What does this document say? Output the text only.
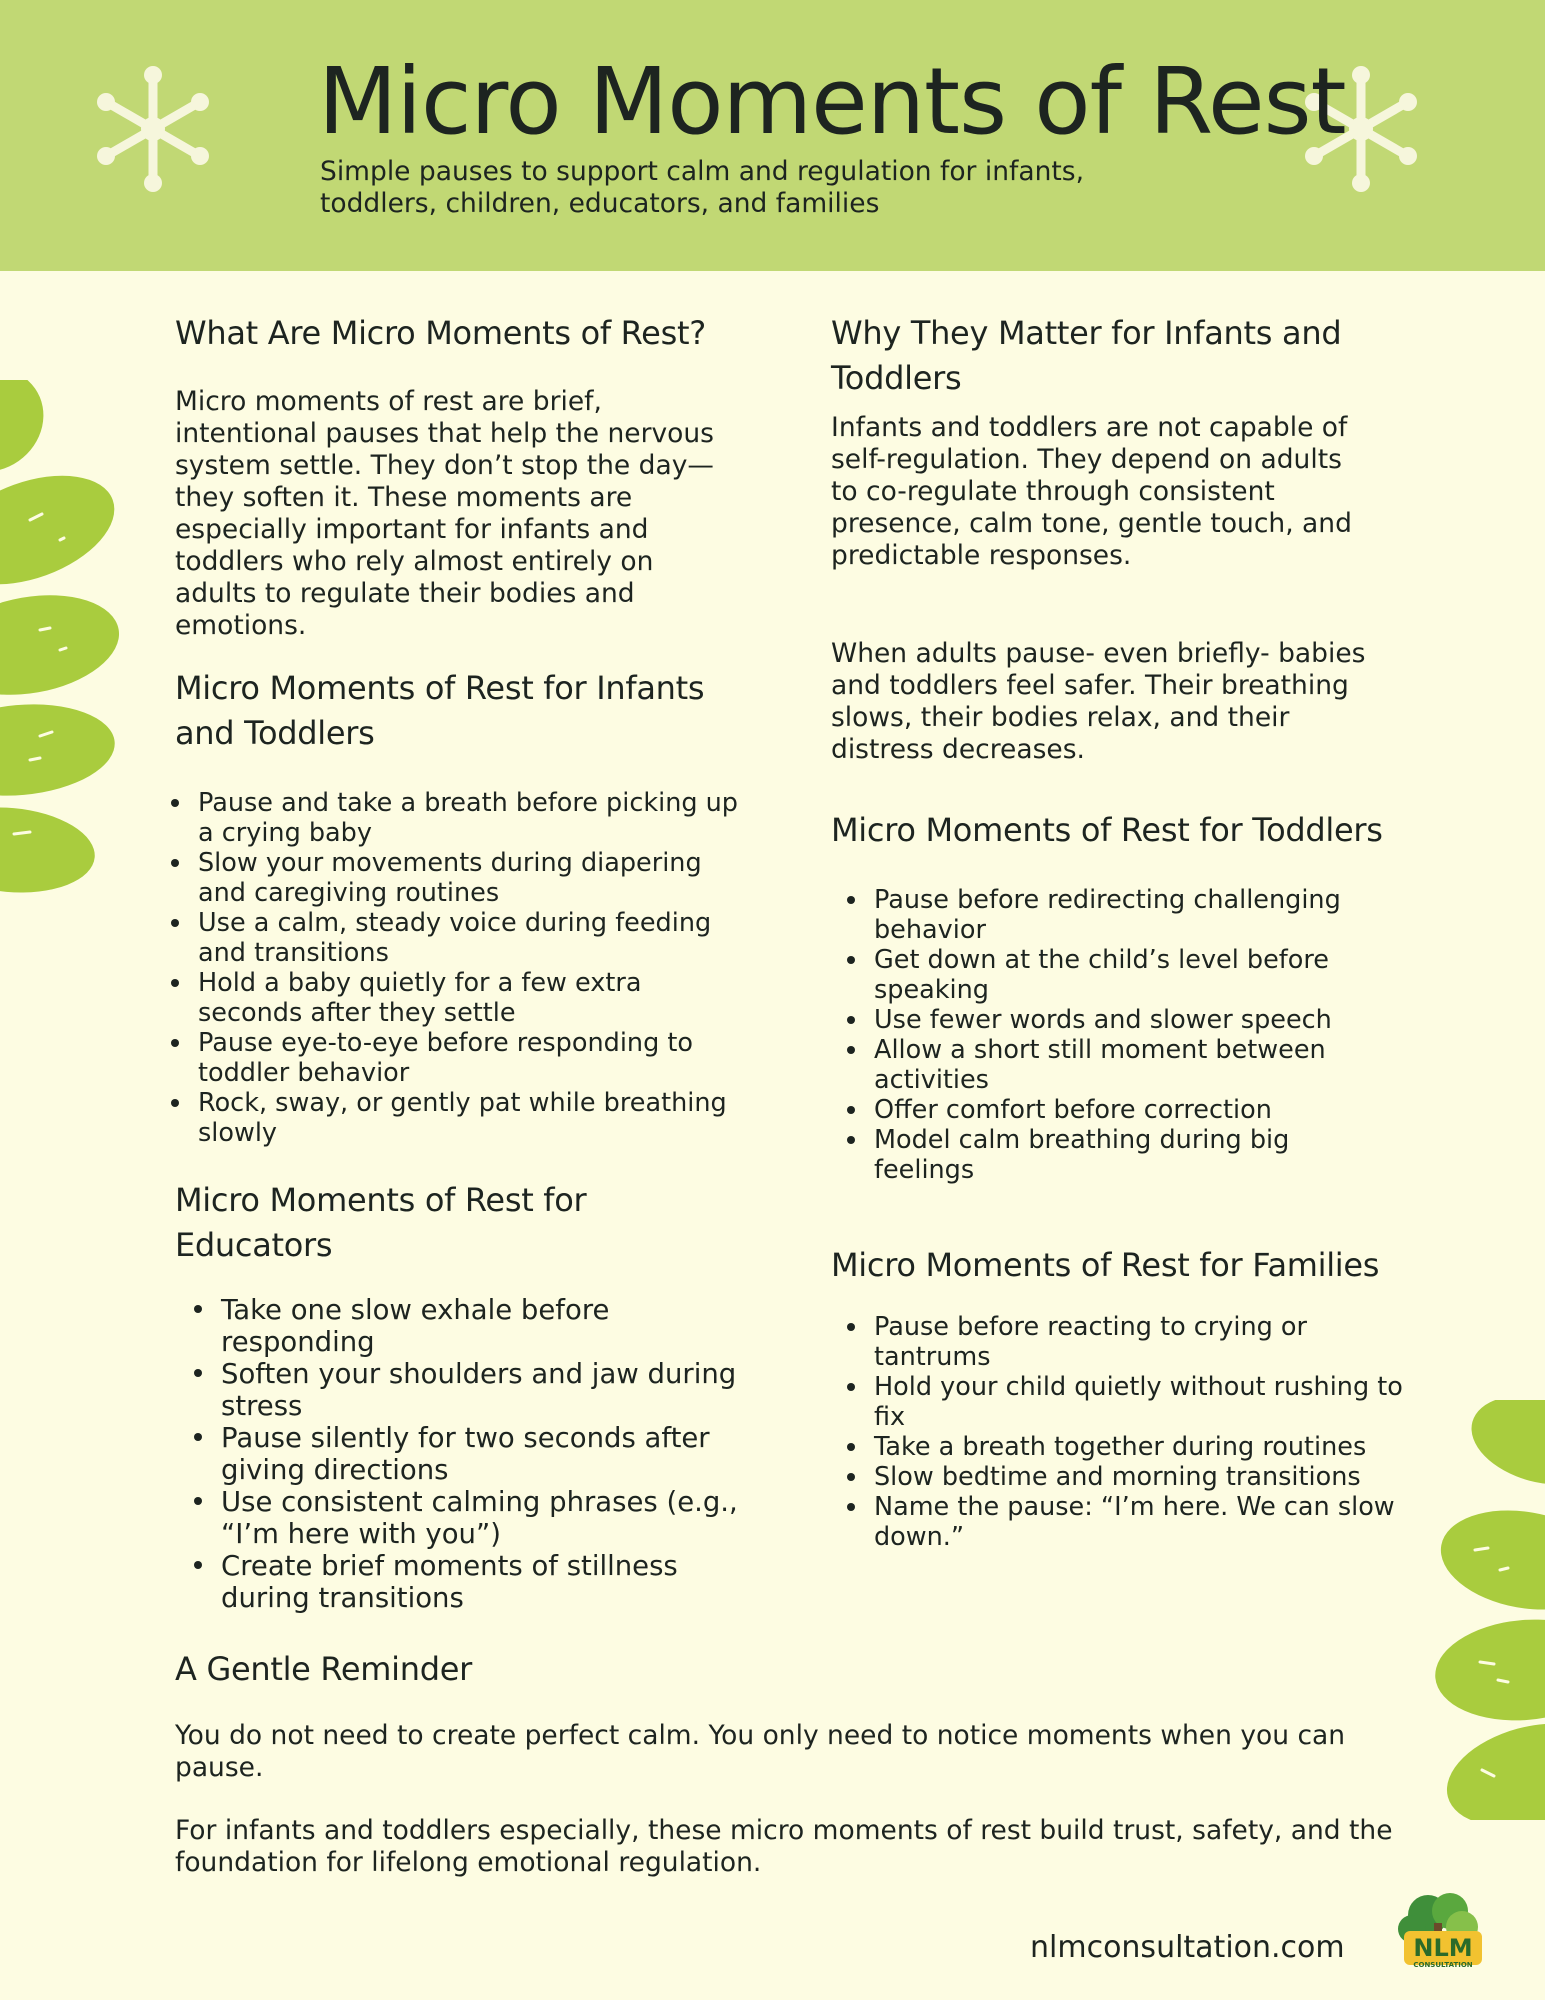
Micro Moments of Rest
Simple pauses to support calm and regulation for infants, toddlers, children, educators, and families
What Are Micro Moments of Rest?

Micro moments of rest are brief, intentional pauses that help the nervous system settle. They don’t stop the day—they soften it. These moments are especially important for infants and toddlers who rely almost entirely on adults to regulate their bodies and emotions.

Micro Moments of Rest for Infants and Toddlers
Pause and take a breath before picking up a crying baby
Slow your movements during diapering and caregiving routines
Use a calm, steady voice during feeding and transitions
Hold a baby quietly for a few extra seconds after they settle
Pause eye-to-eye before responding to toddler behavior
Rock, sway, or gently pat while breathing slowly
Micro Moments of Rest for Educators
Take one slow exhale before responding
Soften your shoulders and jaw during stress
Pause silently for two seconds after giving directions
Use consistent calming phrases (e.g., “I’m here with you”)
Create brief moments of stillness during transitions
Why They Matter for Infants and Toddlers

Infants and toddlers are not capable of self-regulation. They depend on adults to co-regulate through consistent presence, calm tone, gentle touch, and predictable responses.

When adults pause- even briefly- babies and toddlers feel safer. Their breathing slows, their bodies relax, and their distress decreases.

Micro Moments of Rest for Toddlers
Pause before redirecting challenging behavior
Get down at the child’s level before speaking
Use fewer words and slower speech
Allow a short still moment between activities
Offer comfort before correction
Model calm breathing during big feelings
Micro Moments of Rest for Families
Pause before reacting to crying or tantrums
Hold your child quietly without rushing to fix
Take a breath together during routines
Slow bedtime and morning transitions
Name the pause: “I’m here. We can slow down.”
A Gentle Reminder

You do not need to create perfect calm. You only need to notice moments when you can pause.

For infants and toddlers especially, these micro moments of rest build trust, safety, and the foundation for lifelong emotional regulation.

nlmconsultation.com	NLM
CONSULTATION
